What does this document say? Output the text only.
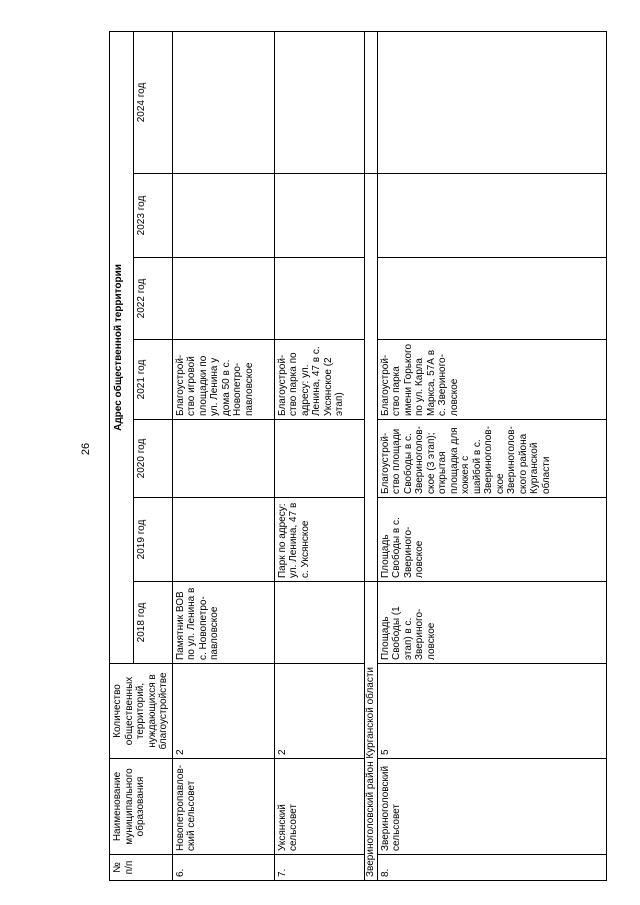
26
№ п/п	Наименование муниципального образования	Количество общественных территорий, нуждающихся в благоустройстве	Адрес общественной территории						
			2018 год	2019 год	2020 год	2021 год	2022 год	2023 год	2024 год
6.	Новопетропавлов-ский сельсовет	2	Памятник ВОВ по ул. Ленина в с. Новопетро-павловское			Благоустрой-ство игровой площадки по ул. Ленина у дома 50 в с. Новопетро-павловское			
7.	Уксянский сельсовет	2		Парк по адресу: ул. Ленина, 47 в с. Уксянское		Благоустрой-ство парка по адресу: ул. Ленина, 47 в с. Уксянское (2 этап)			
Звериноголовский район Курганской области									
8.	Звериноголовский сельсовет	5	Площадь Свободы (1 этап) в с. Звериного-ловское	Площадь Свободы в с. Звериного-ловское	Благоустрой-ство площади Свободы в с. Звериноголов-ское (3 этап); открытая площадка для хоккея с шайбой в с. Звериноголов-ское Звериноголов-ского района Курганской области	Благоустрой-ство парка имени Горького по ул. Карла Маркса, 57А в с. Звериного-ловское			
